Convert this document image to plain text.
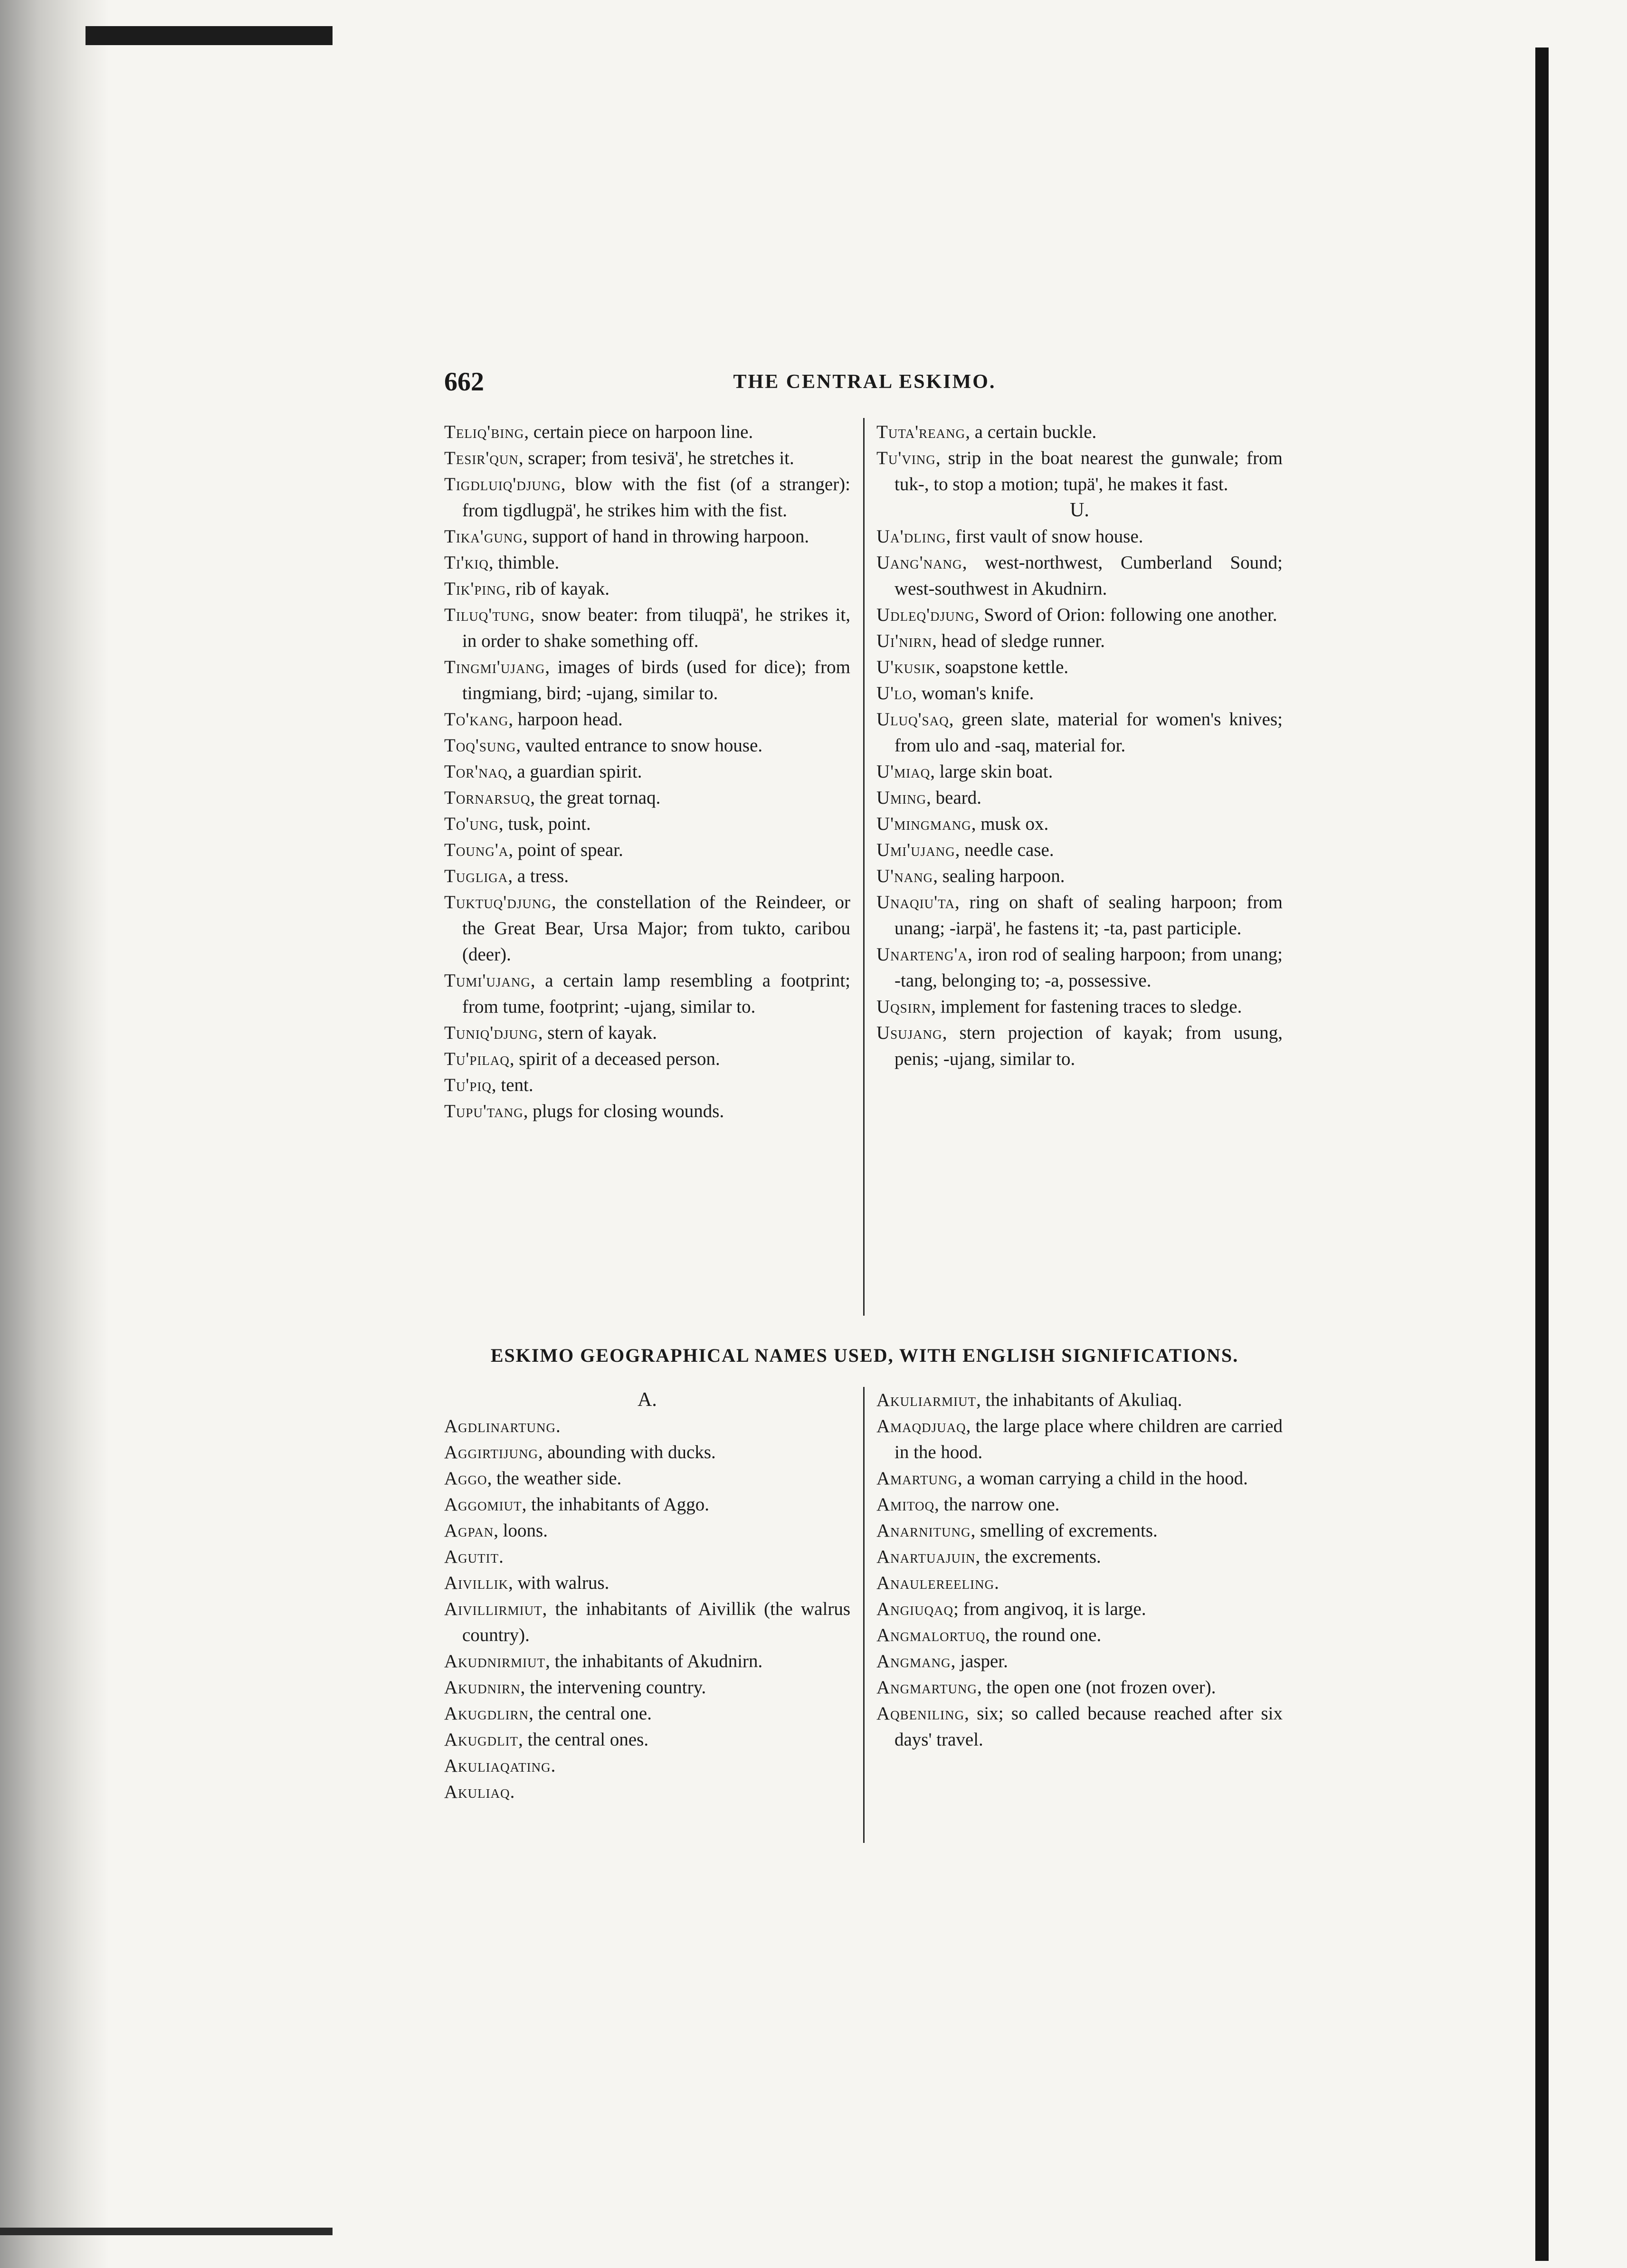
662	THE CENTRAL ESKIMO.
Teliq'bing, certain piece on harpoon line.
Tesir'qun, scraper; from tesivä', he stretches it.
Tigdluiq'djung, blow with the fist (of a stranger): from tigdlugpä', he strikes him with the fist.
Tika'gung, support of hand in throwing harpoon.
Ti'kiq, thimble.
Tik'ping, rib of kayak.
Tiluq'tung, snow beater: from tiluqpä', he strikes it, in order to shake something off.
Tingmi'ujang, images of birds (used for dice); from tingmiang, bird; -ujang, similar to.
To'kang, harpoon head.
Toq'sung, vaulted entrance to snow house.
Tor'naq, a guardian spirit.
Tornarsuq, the great tornaq.
To'ung, tusk, point.
Toung'a, point of spear.
Tugliga, a tress.
Tuktuq'djung, the constellation of the Reindeer, or the Great Bear, Ursa Major; from tukto, caribou (deer).
Tumi'ujang, a certain lamp resembling a footprint; from tume, footprint; -ujang, similar to.
Tuniq'djung, stern of kayak.
Tu'pilaq, spirit of a deceased person.
Tu'piq, tent.
Tupu'tang, plugs for closing wounds.
Tuta'reang, a certain buckle.
Tu'ving, strip in the boat nearest the gunwale; from tuk-, to stop a motion; tupä', he makes it fast.
U.
Ua'dling, first vault of snow house.
Uang'nang, west-northwest, Cumberland Sound; west-southwest in Akudnirn.
Udleq'djung, Sword of Orion: following one another.
Ui'nirn, head of sledge runner.
U'kusik, soapstone kettle.
U'lo, woman's knife.
Uluq'saq, green slate, material for women's knives; from ulo and -saq, material for.
U'miaq, large skin boat.
Uming, beard.
U'mingmang, musk ox.
Umi'ujang, needle case.
U'nang, sealing harpoon.
Unaqiu'ta, ring on shaft of sealing harpoon; from unang; -iarpä', he fastens it; -ta, past participle.
Unarteng'a, iron rod of sealing harpoon; from unang; -tang, belonging to; -a, possessive.
Uqsirn, implement for fastening traces to sledge.
Usujang, stern projection of kayak; from usung, penis; -ujang, similar to.
ESKIMO GEOGRAPHICAL NAMES USED, WITH ENGLISH SIGNIFICATIONS.
A.
Agdlinartung.
Aggirtijung, abounding with ducks.
Aggo, the weather side.
Aggomiut, the inhabitants of Aggo.
Agpan, loons.
Agutit.
Aivillik, with walrus.
Aivillirmiut, the inhabitants of Aivillik (the walrus country).
Akudnirmiut, the inhabitants of Akudnirn.
Akudnirn, the intervening country.
Akugdlirn, the central one.
Akugdlit, the central ones.
Akuliaqating.
Akuliaq.
Akuliarmiut, the inhabitants of Akuliaq.
Amaqdjuaq, the large place where children are carried in the hood.
Amartung, a woman carrying a child in the hood.
Amitoq, the narrow one.
Anarnitung, smelling of excrements.
Anartuajuin, the excrements.
Anaulereeling.
Angiuqaq; from angivoq, it is large.
Angmalortuq, the round one.
Angmang, jasper.
Angmartung, the open one (not frozen over).
Aqbeniling, six; so called because reached after six days' travel.
